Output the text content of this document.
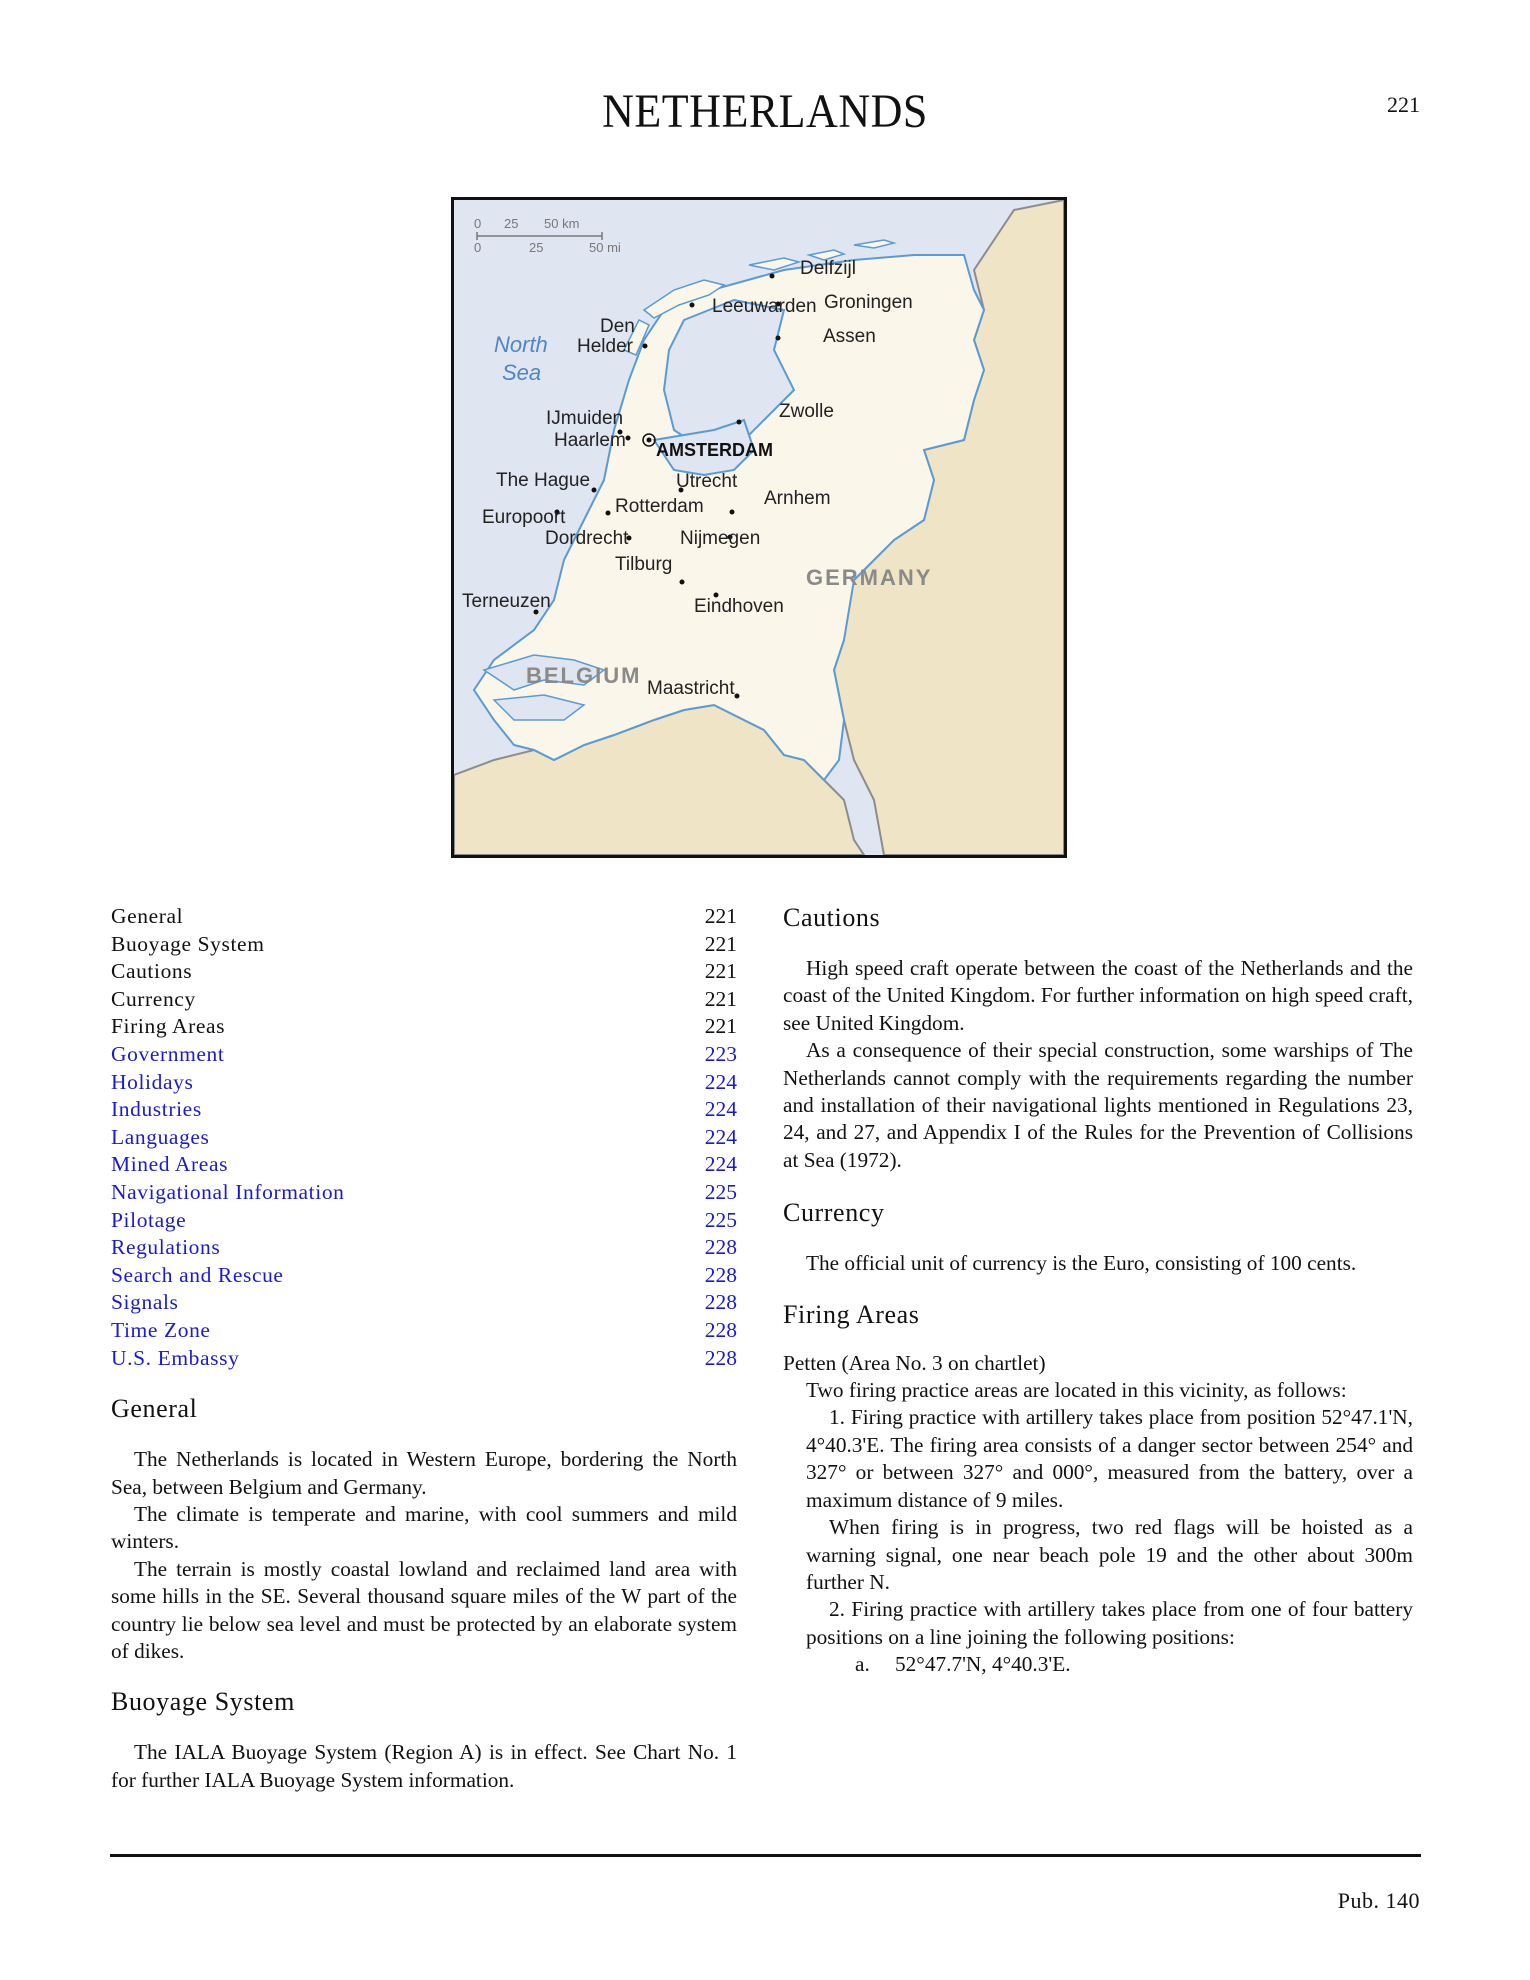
NETHERLANDS	221
0 25 50 km
0	25	50 mi
North
Sea
GERMANY
BELGIUM
Delfzijl
Leeuwarden Groningen
Assen
Den
Helder
Zwolle
IJmuiden
Haarlem AMSTERDAM
The Hague	Utrecht
Arnhem
Rotterdam
Europoort
Dordrecht	Nijmegen
Tilburg
Terneuzen	Eindhoven
Maastricht
General	221
Buoyage System	221
Cautions	221
Currency	221
Firing Areas	221
Government	223
Holidays	224
Industries	224
Languages	224
Mined Areas	224
Navigational Information	225
Pilotage	225
Regulations	228
Search and Rescue	228
Signals	228
Time Zone	228
U.S. Embassy	228
General

The Netherlands is located in Western Europe, bordering the North Sea, between Belgium and Germany.

The climate is temperate and marine, with cool summers and mild winters.

The terrain is mostly coastal lowland and reclaimed land area with some hills in the SE. Several thousand square miles of the W part of the country lie below sea level and must be protected by an elaborate system of dikes.

Buoyage System

The IALA Buoyage System (Region A) is in effect. See Chart No. 1 for further IALA Buoyage System information.

Cautions

High speed craft operate between the coast of the Netherlands and the coast of the United Kingdom. For further information on high speed craft, see United Kingdom.

As a consequence of their special construction, some warships of The Netherlands cannot comply with the requirements regarding the number and installation of their navigational lights mentioned in Regulations 23, 24, and 27, and Appendix I of the Rules for the Prevention of Collisions at Sea (1972).

Currency

The official unit of currency is the Euro, consisting of 100 cents.

Firing Areas

Petten (Area No. 3 on chartlet)

Two firing practice areas are located in this vicinity, as follows:

1. Firing practice with artillery takes place from position 52°47.1'N, 4°40.3'E. The firing area consists of a danger sector between 254° and 327° or between 327° and 000°, measured from the battery, over a maximum distance of 9 miles.

When firing is in progress, two red flags will be hoisted as a warning signal, one near beach pole 19 and the other about 300m further N.

2. Firing practice with artillery takes place from one of four battery positions on a line joining the following positions:

a. 52°47.7'N, 4°40.3'E.

Pub. 140
